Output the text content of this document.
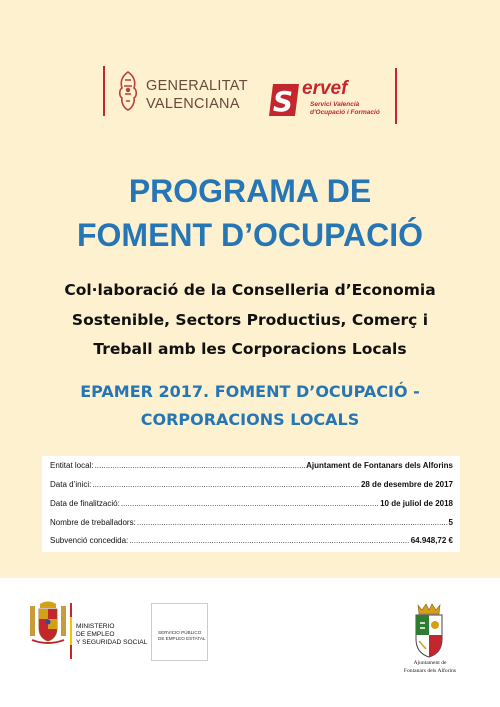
GENERALITAT
VALENCIANA S ervef
Servici Valencià
d'Ocupació i Formació
PROGRAMA DE
FOMENT D’OCUPACIÓ
Col·laboració de la Conselleria d’Economia
Sostenible, Sectors Productius, Comerç i
Treball amb les Corporacions Locals
EPAMER 2017. FOMENT D’OCUPACIÓ -
CORPORACIONS LOCALS
Entitat local: .....	Ajuntament de Fontanars dels Alforins
Data d’inici: .....	28 de desembre de 2017
Data de finalització: .....	10 de juliol de 2018
Nombre de treballadors: .....	5
Subvenció concedida: .....	64.948,72 €
MINISTERIO
DE EMPLEO
Y SEGURIDAD SOCIAL
SERVICIO PÚBLICO
DE EMPLEO ESTATAL
Ajuntament de
Fontanars dels Alforins
